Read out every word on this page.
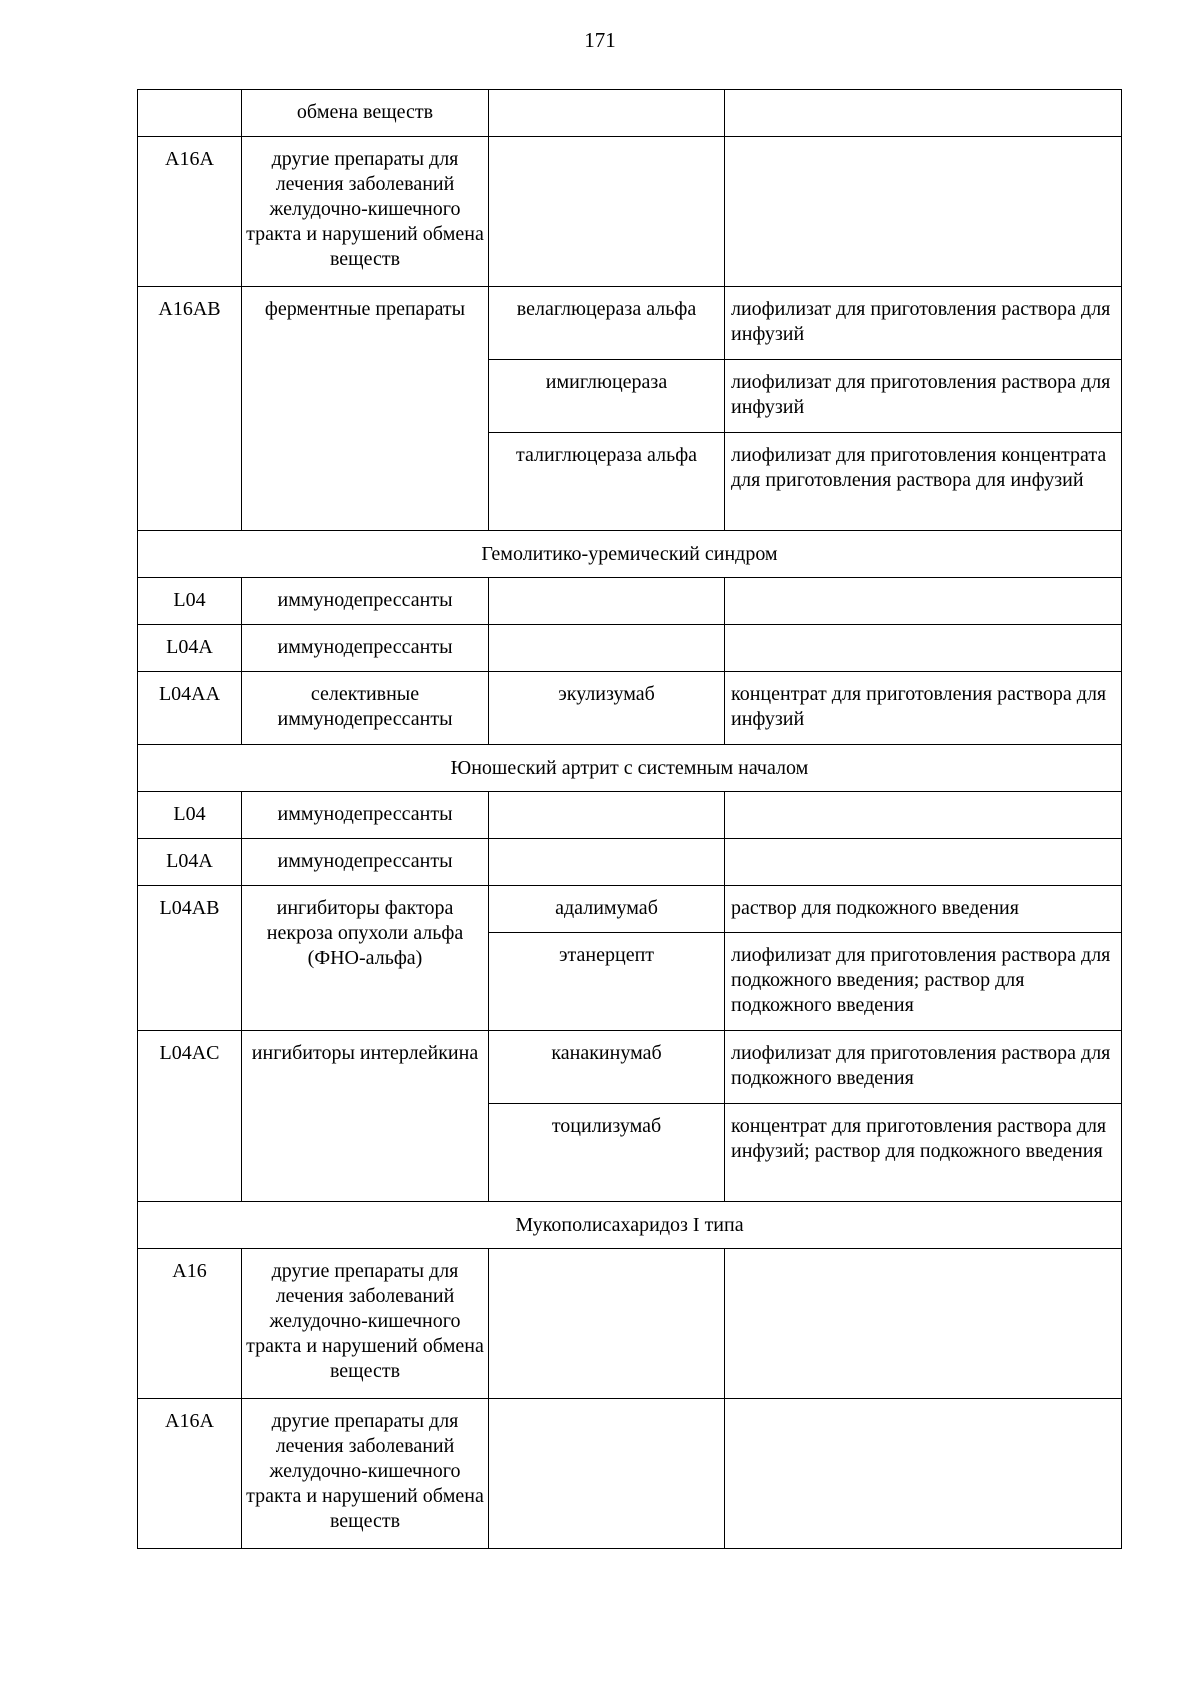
171
	обмена веществ		
A16A	другие препараты для лечения заболеваний желудочно-кишечного тракта и нарушений обмена веществ		
A16AB	ферментные препараты	велаглюцераза альфа	лиофилизат для приготовления раствора для инфузий
		имиглюцераза	лиофилизат для приготовления раствора для инфузий
		талиглюцераза альфа	лиофилизат для приготовления концентрата для приготовления раствора для инфузий
Гемолитико-уремический синдром			
L04	иммунодепрессанты		
L04A	иммунодепрессанты		
L04AA	селективные иммунодепрессанты	экулизумаб	концентрат для приготовления раствора для инфузий
Юношеский артрит с системным началом			
L04	иммунодепрессанты		
L04A	иммунодепрессанты		
L04AB	ингибиторы фактора некроза опухоли альфа (ФНО-альфа)	адалимумаб	раствор для подкожного введения
		этанерцепт	лиофилизат для приготовления раствора для подкожного введения; раствор для подкожного введения
L04AC	ингибиторы интерлейкина	канакинумаб	лиофилизат для приготовления раствора для подкожного введения
		тоцилизумаб	концентрат для приготовления раствора для инфузий; раствор для подкожного введения
Мукополисахаридоз I типа			
A16	другие препараты для лечения заболеваний желудочно-кишечного тракта и нарушений обмена веществ		
A16A	другие препараты для лечения заболеваний желудочно-кишечного тракта и нарушений обмена веществ		
